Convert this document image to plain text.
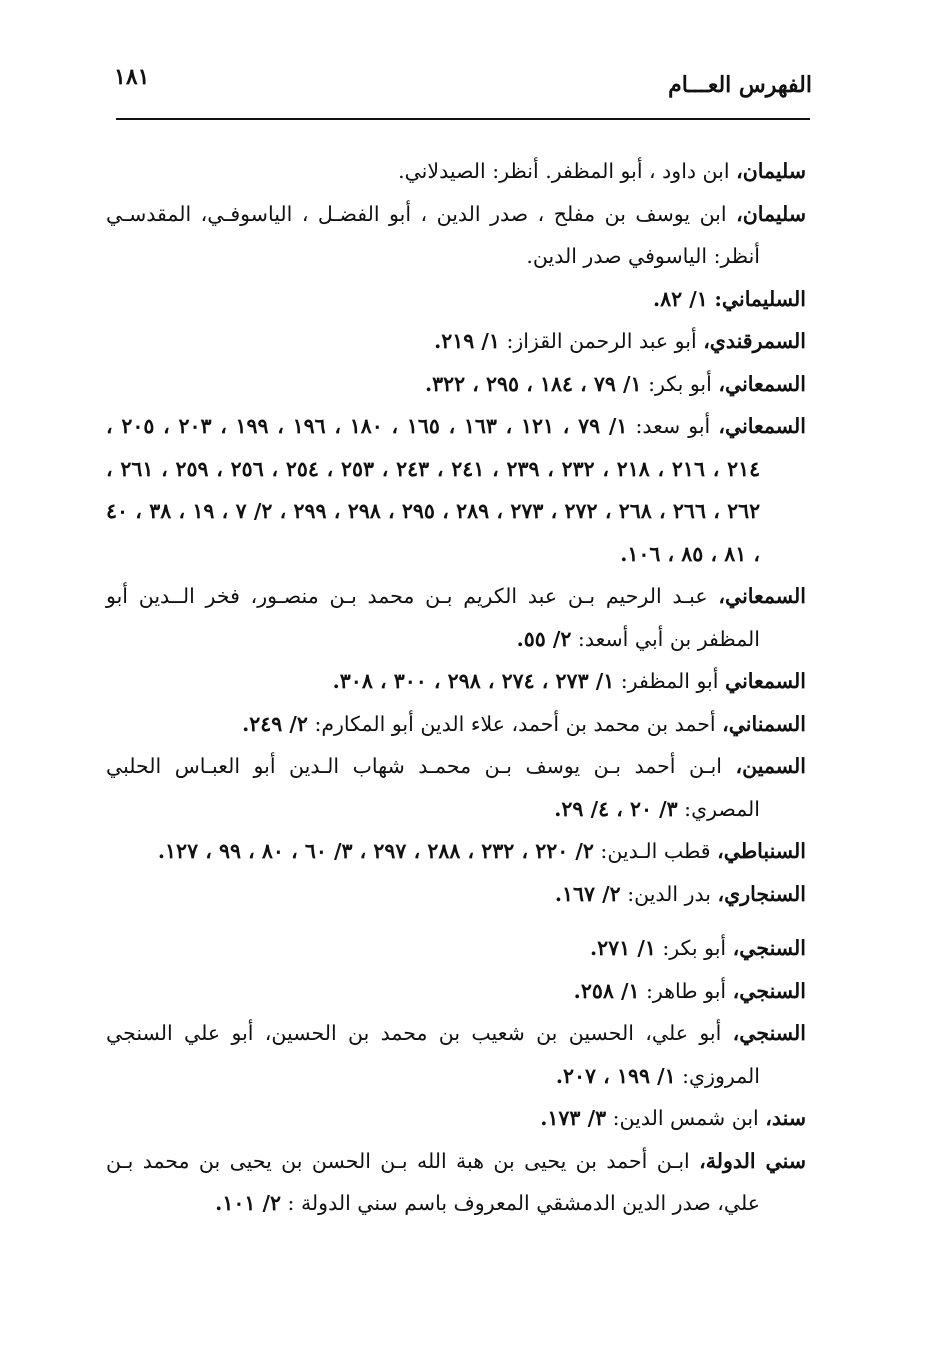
الفهرس العـــام
١٨١

سليمان، ابن داود ، أبو المظفر. أنظر: الصيدلاني.

سليمان، ابن يوسف بن مفلح ، صدر الدين ، أبو الفضـل ، الياسوفـي، المقدسـي أنظر: الياسوفي صدر الدين.

السليماني: ١/ ٨٢.

السمرقندي، أبو عبد الرحمن القزاز: ١/ ٢١٩.

السمعاني، أبو بكر: ١/ ٧٩ ، ١٨٤ ، ٢٩٥ ، ٣٢٢.

السمعاني، أبو سعد: ١/ ٧٩ ، ١٢١ ، ١٦٣ ، ١٦٥ ، ١٨٠ ، ١٩٦ ، ١٩٩ ، ٢٠٣ ، ٢٠٥ ، ٢١٤ ، ٢١٦ ، ٢١٨ ، ٢٣٢ ، ٢٣٩ ، ٢٤١ ، ٢٤٣ ، ٢٥٣ ، ٢٥٤ ، ٢٥٦ ، ٢٥٩ ، ٢٦١ ، ٢٦٢ ، ٢٦٦ ، ٢٦٨ ، ٢٧٢ ، ٢٧٣ ، ٢٨٩ ، ٢٩٥ ، ٢٩٨ ، ٢٩٩ ، ٢/ ٧ ، ١٩ ، ٣٨ ، ٤٠ ، ٨١ ، ٨٥ ، ١٠٦.

السمعاني، عبـد الرحيم بـن عبد الكريم بـن محمد بـن منصـور، فخر الــدين أبو المظفر بن أبي أسعد: ٢/ ٥٥.

السمعاني أبو المظفر: ١/ ٢٧٣ ، ٢٧٤ ، ٢٩٨ ، ٣٠٠ ، ٣٠٨.

السمناني، أحمد بن محمد بن أحمد، علاء الدين أبو المكارم: ٢/ ٢٤٩.

السمين، ابـن أحمد بـن يوسف بـن محمـد شهاب الـدين أبو العبـاس الحلبي المصري: ٣/ ٢٠ ، ٤/ ٢٩.

السنباطي، قطب الـدين: ٢/ ٢٢٠ ، ٢٣٢ ، ٢٨٨ ، ٢٩٧ ، ٣/ ٦٠ ، ٨٠ ، ٩٩ ، ١٢٧.

السنجاري، بدر الدين: ٢/ ١٦٧.

السنجي، أبو بكر: ١/ ٢٧١.

السنجي، أبو طاهر: ١/ ٢٥٨.

السنجي، أبو علي، الحسين بن شعيب بن محمد بن الحسين، أبو علي السنجي المروزي: ١/ ١٩٩ ، ٢٠٧.

سند، ابن شمس الدين: ٣/ ١٧٣.

سني الدولة، ابـن أحمد بن يحيى بن هبة الله بـن الحسن بن يحيى بن محمد بـن علي، صدر الدين الدمشقي المعروف باسم سني الدولة : ٢/ ١٠١.
